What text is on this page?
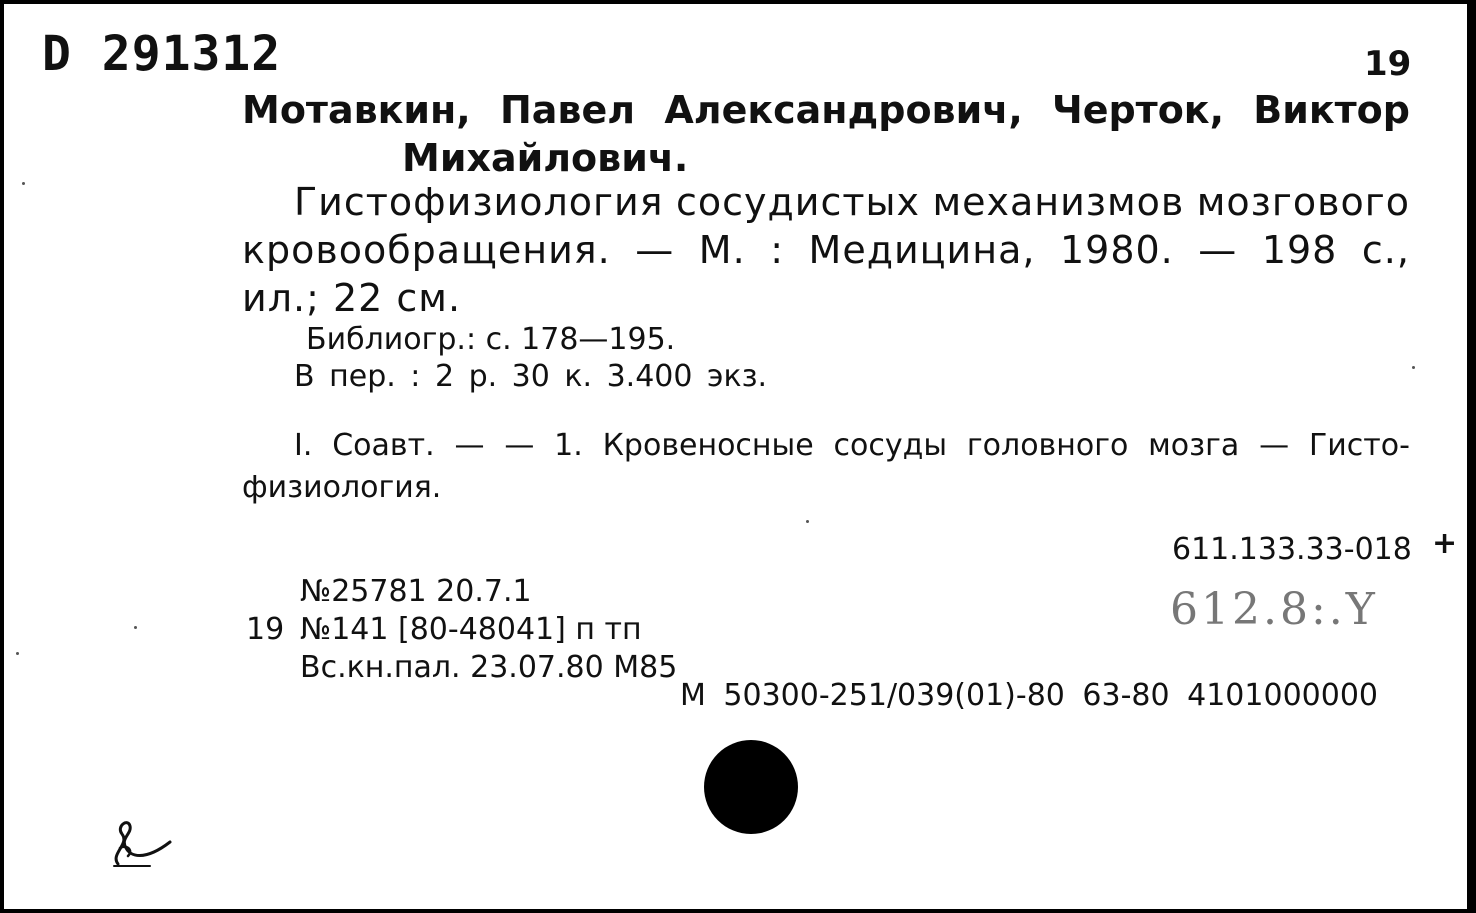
D 291312	19
Мотавкин, Павел Александрович, Черток, Виктор
Михайлович.
Гистофизиология сосудистых механизмов мозгового
кровообращения. — М. : Медицина, 1980. — 198 с.,
ил.; 22 см.
Библиогр.: с. 178—195.
В пер. : 2 р. 30 к. 3.400 экз.
I. Соавт. — — 1. Кровеносные сосуды головного мозга — Гисто-
физиология.
611.133.33-018 +
612.8:.Y
№25781 20.7.1
19 №141 [80-48041] п тп
Вс.кн.пал. 23.07.80 М85
М 50300-251/039(01)-80 63-80 4101000000
